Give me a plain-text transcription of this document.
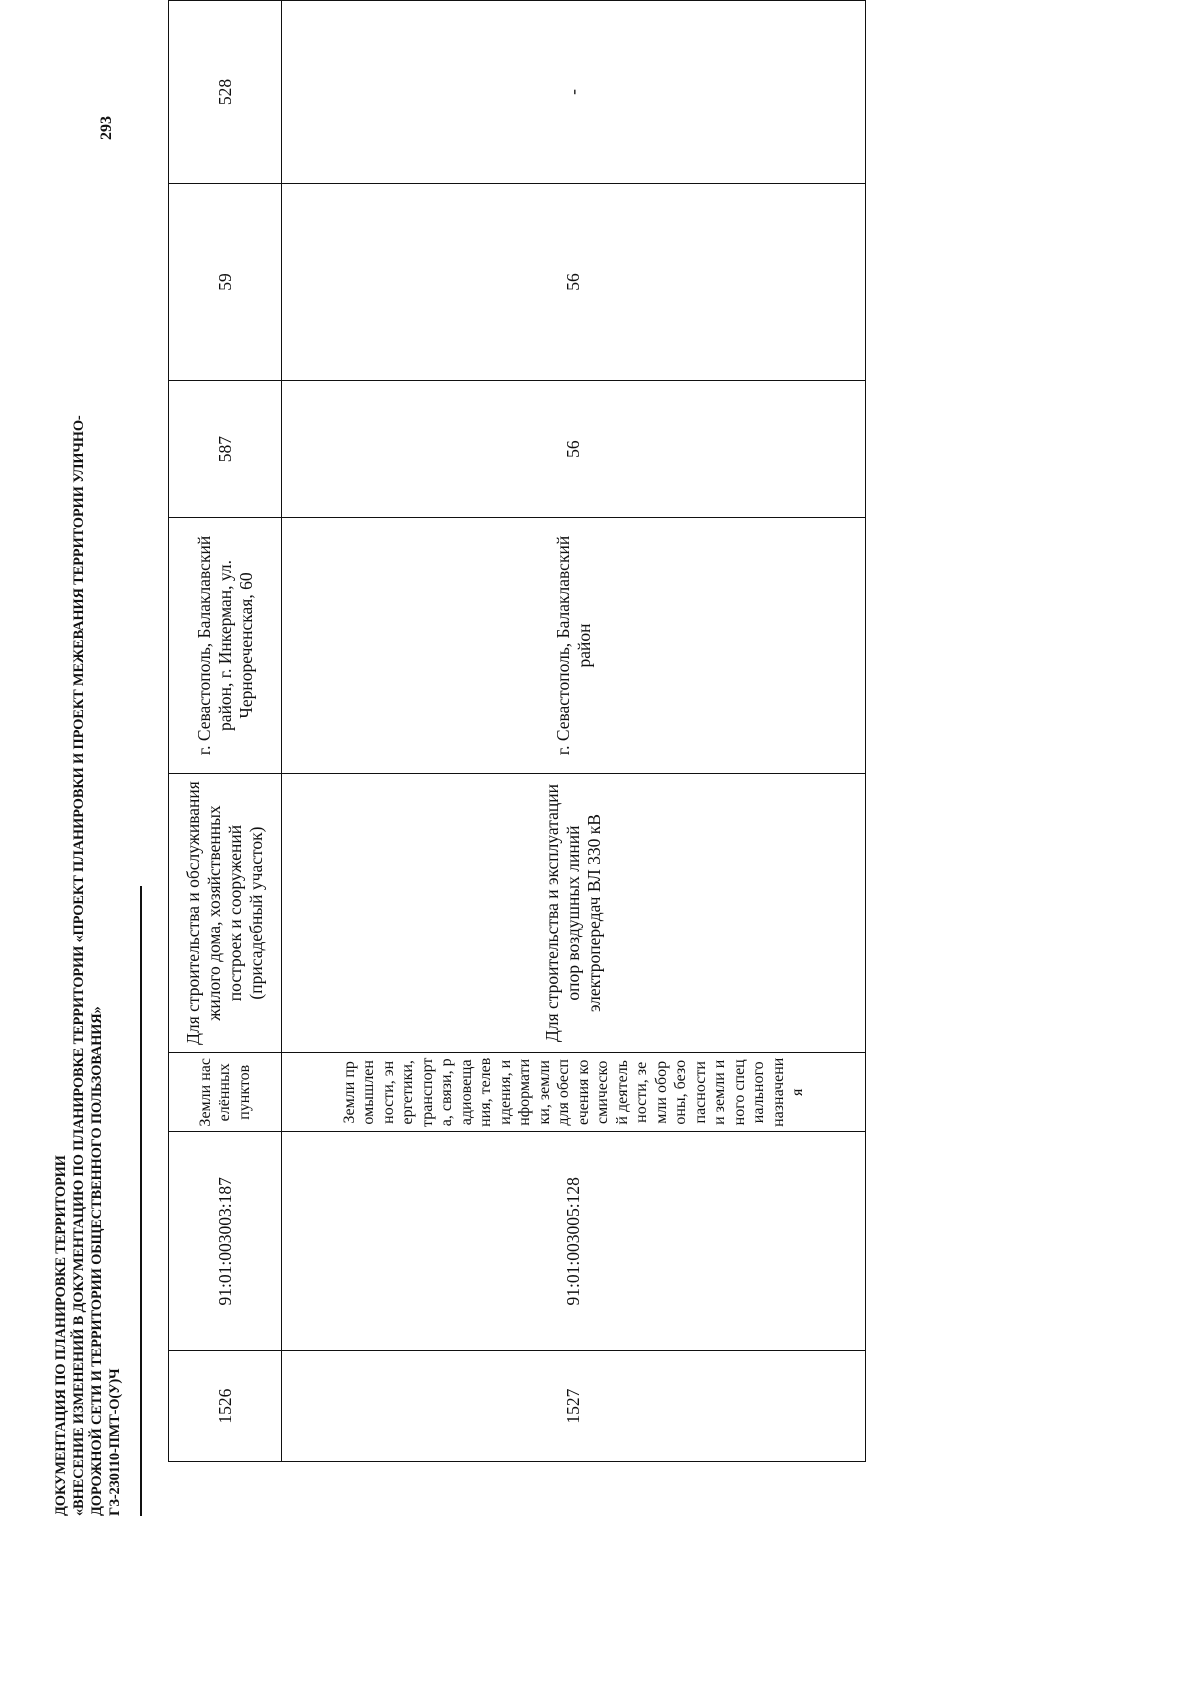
ДОКУМЕНТАЦИЯ ПО ПЛАНИРОВКЕ ТЕРРИТОРИИ «ВНЕСЕНИЕ ИЗМЕНЕНИЙ В ДОКУМЕНТАЦИЮ ПО ПЛАНИРОВКЕ ТЕРРИТОРИИ «ПРОЕКТ ПЛАНИРОВКИ И ПРОЕКТ МЕЖЕВАНИЯ ТЕРРИТОРИИ УЛИЧНО- ДОРОЖНОЙ СЕТИ И ТЕРРИТОРИИ ОБЩЕСТВЕННОГО ПОЛЬЗОВАНИЯ» ГЗ-230110-ПМТ-О(У)Ч
293
1526	91:01:003003:187	Земли населённых пунктов	Для строительства и обслуживания жилого дома, хозяйственных построек и сооружений (присадебный участок)	г. Севастополь, Балаклавский район, г. Инкерман, ул. Чернореченская, 60	587	59	528
1527	91:01:003005:128	Земли промышленности, энергетики, транспорта, связи, радиовещания, телевидения, информатики, земли для обеспечения космической деятельности, земли обороны, безопасности и земли иного специального назначения	Для строительства и эксплуатации опор воздушных линий электропередач ВЛ 330 кВ	г. Севастополь, Балаклавский район	56	56	-
